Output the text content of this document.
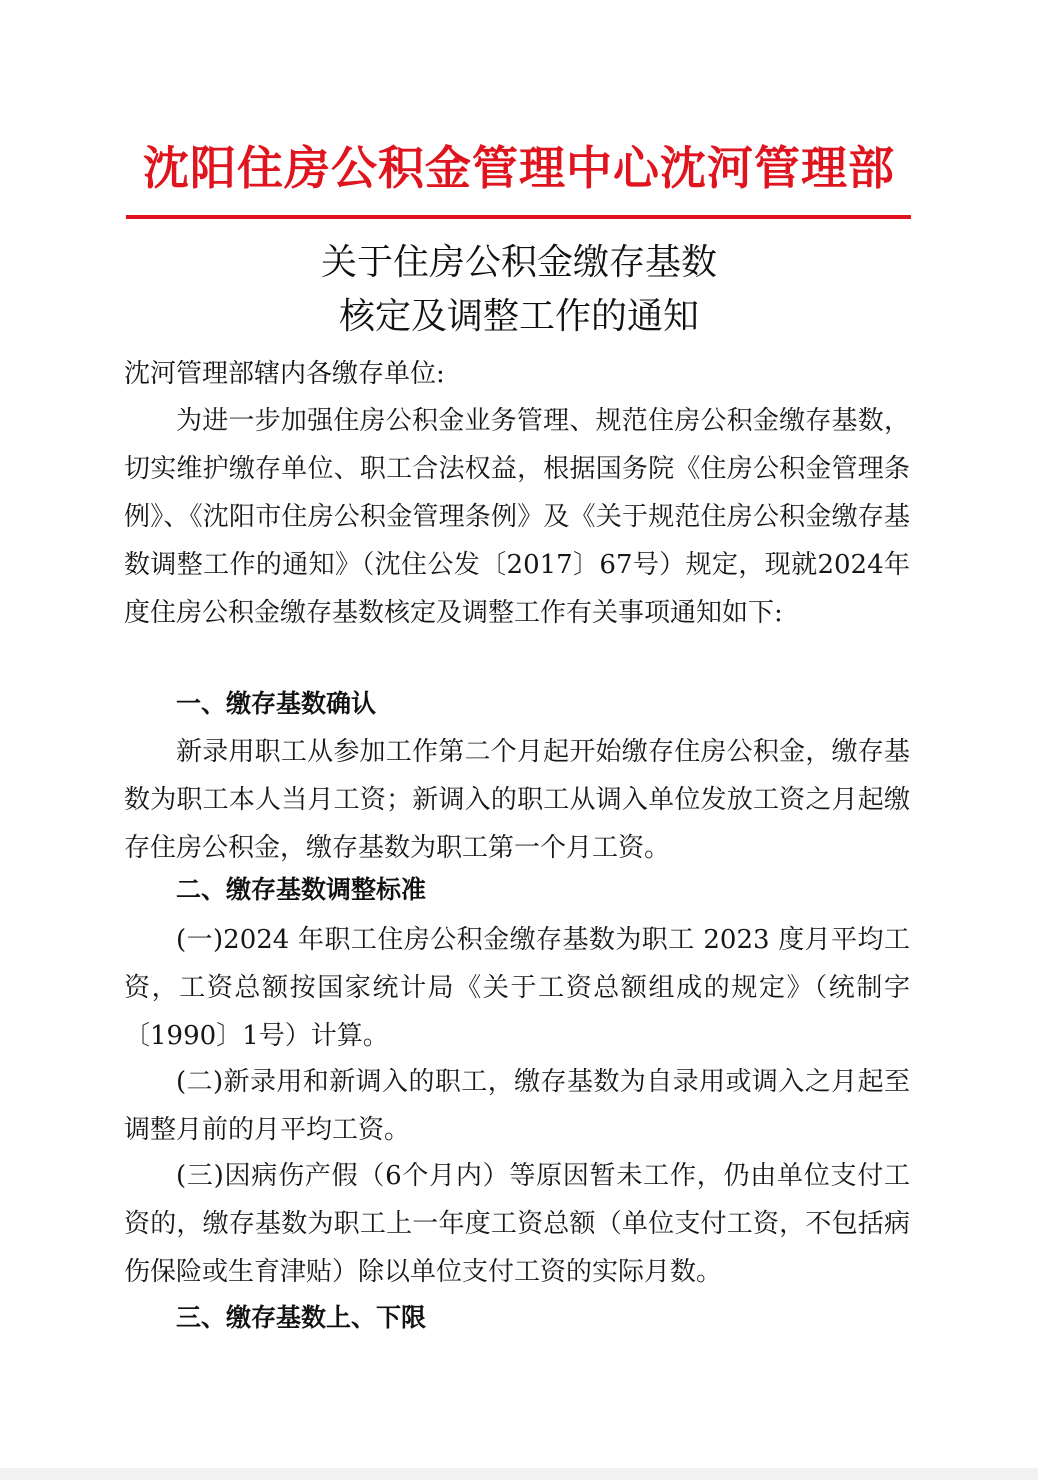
沈阳住房公积金管理中心沈河管理部
关于住房公积金缴存基数
核定及调整工作的通知
沈河管理部辖内各缴存单位:

为进一步加强住房公积金业务管理、规范住房公积金缴存基数，切实维护缴存单位、职工合法权益，根据国务院《住房公积金管理条例》、《沈阳市住房公积金管理条例》及《关于规范住房公积金缴存基数调整工作的通知》（沈住公发〔2017〕67号）规定，现就2024年度住房公积金缴存基数核定及调整工作有关事项通知如下:

一、缴存基数确认

新录用职工从参加工作第二个月起开始缴存住房公积金，缴存基数为职工本人当月工资；新调入的职工从调入单位发放工资之月起缴存住房公积金，缴存基数为职工第一个月工资。

二、缴存基数调整标准

(一)2024 年职工住房公积金缴存基数为职工 2023 度月平均工资，工资总额按国家统计局《关于工资总额组成的规定》（统制字〔1990〕1号）计算。

(二)新录用和新调入的职工，缴存基数为自录用或调入之月起至调整月前的月平均工资。

(三)因病伤产假（6个月内）等原因暂未工作，仍由单位支付工资的，缴存基数为职工上一年度工资总额（单位支付工资，不包括病伤保险或生育津贴）除以单位支付工资的实际月数。

三、缴存基数上、下限
